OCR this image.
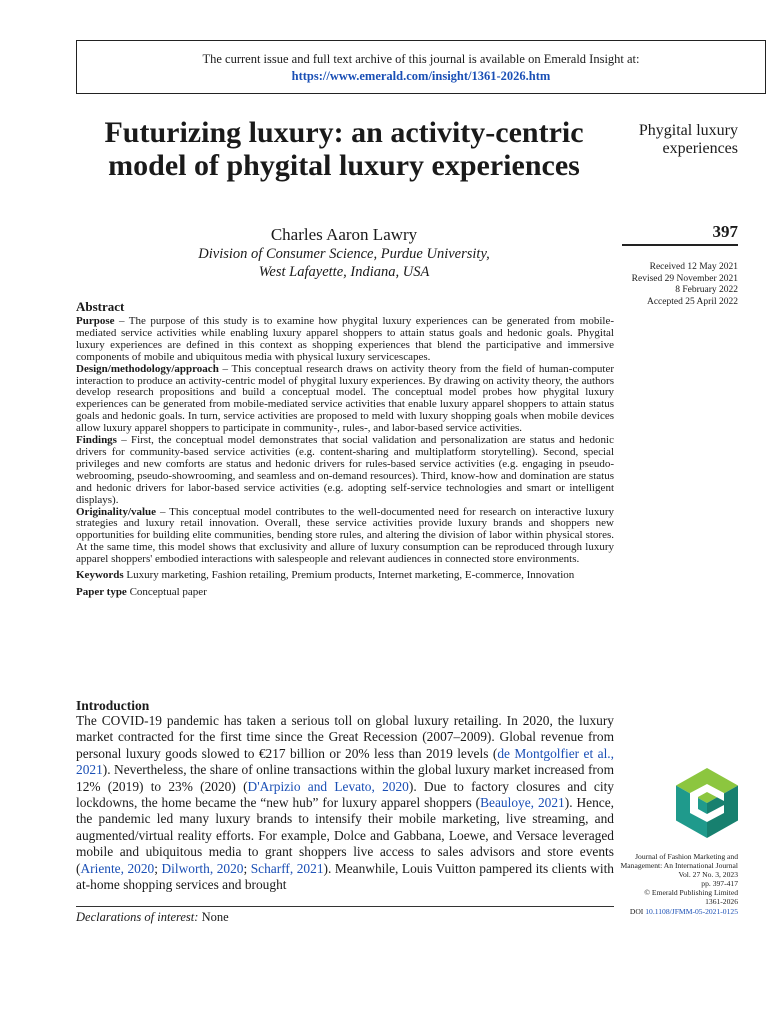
The current issue and full text archive of this journal is available on Emerald Insight at:
https://www.emerald.com/insight/1361-2026.htm
Futurizing luxury: an activity-centric model of phygital luxury experiences
Charles Aaron Lawry
Division of Consumer Science, Purdue University,
West Lafayette, Indiana, USA
Phygital luxury experiences
397
Received 12 May 2021
Revised 29 November 2021
8 February 2022
Accepted 25 April 2022
Abstract

Purpose – The purpose of this study is to examine how phygital luxury experiences can be generated from mobile-mediated service activities while enabling luxury apparel shoppers to attain status goals and hedonic goals. Phygital luxury experiences are defined in this context as shopping experiences that blend the participative and immersive components of mobile and ubiquitous media with physical luxury servicescapes.

Design/methodology/approach – This conceptual research draws on activity theory from the field of human-computer interaction to produce an activity-centric model of phygital luxury experiences. By drawing on activity theory, the authors develop research propositions and build a conceptual model. The conceptual model probes how phygital luxury experiences can be generated from mobile-mediated service activities that enable luxury apparel shoppers to attain status goals and hedonic goals. In turn, service activities are proposed to meld with luxury shopping goals when mobile devices allow luxury apparel shoppers to participate in community-, rules-, and labor-based service activities.

Findings – First, the conceptual model demonstrates that social validation and personalization are status and hedonic drivers for community-based service activities (e.g. content-sharing and multiplatform storytelling). Second, special privileges and new comforts are status and hedonic drivers for rules-based service activities (e.g. engaging in pseudo-webrooming, pseudo-showrooming, and seamless and on-demand resources). Third, know-how and domination are status and hedonic drivers for labor-based service activities (e.g. adopting self-service technologies and smart or intelligent displays).

Originality/value – This conceptual model contributes to the well-documented need for research on interactive luxury strategies and luxury retail innovation. Overall, these service activities provide luxury brands and shoppers new opportunities for building elite communities, bending store rules, and altering the division of labor within physical stores. At the same time, this model shows that exclusivity and allure of luxury consumption can be reproduced through luxury apparel shoppers' embodied interactions with salespeople and relevant audiences in connected store environments.

Keywords Luxury marketing, Fashion retailing, Premium products, Internet marketing, E-commerce, Innovation

Paper type Conceptual paper

Introduction

The COVID-19 pandemic has taken a serious toll on global luxury retailing. In 2020, the luxury market contracted for the first time since the Great Recession (2007–2009). Global revenue from personal luxury goods slowed to €217 billion or 20% less than 2019 levels (de Montgolfier et al., 2021). Nevertheless, the share of online transactions within the global luxury market increased from 12% (2019) to 23% (2020) (D'Arpizio and Levato, 2020). Due to factory closures and city lockdowns, the home became the “new hub” for luxury apparel shoppers (Beauloye, 2021). Hence, the pandemic led many luxury brands to intensify their mobile marketing, live streaming, and augmented/virtual reality efforts. For example, Dolce and Gabbana, Loewe, and Versace leveraged mobile and ubiquitous media to grant shoppers live access to sales advisors and store events (Ariente, 2020; Dilworth, 2020; Scharff, 2021). Meanwhile, Louis Vuitton pampered its clients with at-home shopping services and brought

Declarations of interest: None
Journal of Fashion Marketing and Management: An International Journal
Vol. 27 No. 3, 2023
pp. 397-417
© Emerald Publishing Limited
1361-2026
DOI 10.1108/JFMM-05-2021-0125
